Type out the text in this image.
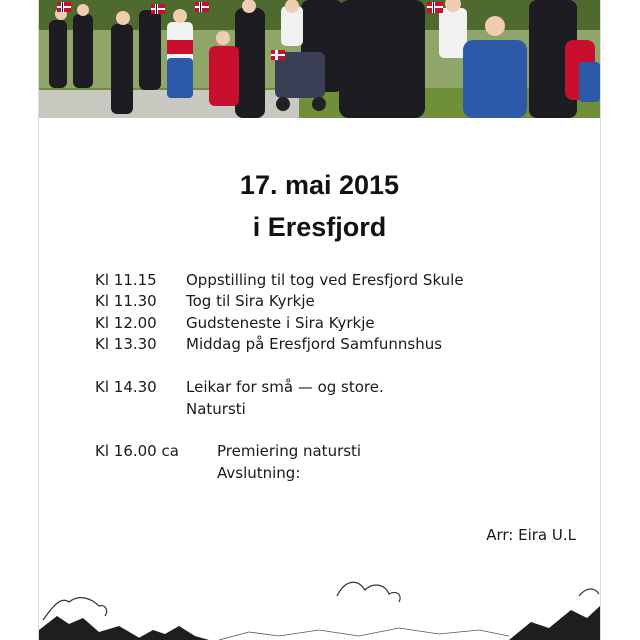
17. mai 2015
i Eresfjord
Kl 11.15 Oppstilling til tog ved Eresfjord Skule
Kl 11.30 Tog til Sira Kyrkje
Kl 12.00 Gudsteneste i Sira Kyrkje
Kl 13.30 Middag på Eresfjord Samfunnshus
Kl 14.30 Leikar for små — og store.
Natursti
Kl 16.00 ca	Premiering natursti
Avslutning:
Arr: Eira U.L
